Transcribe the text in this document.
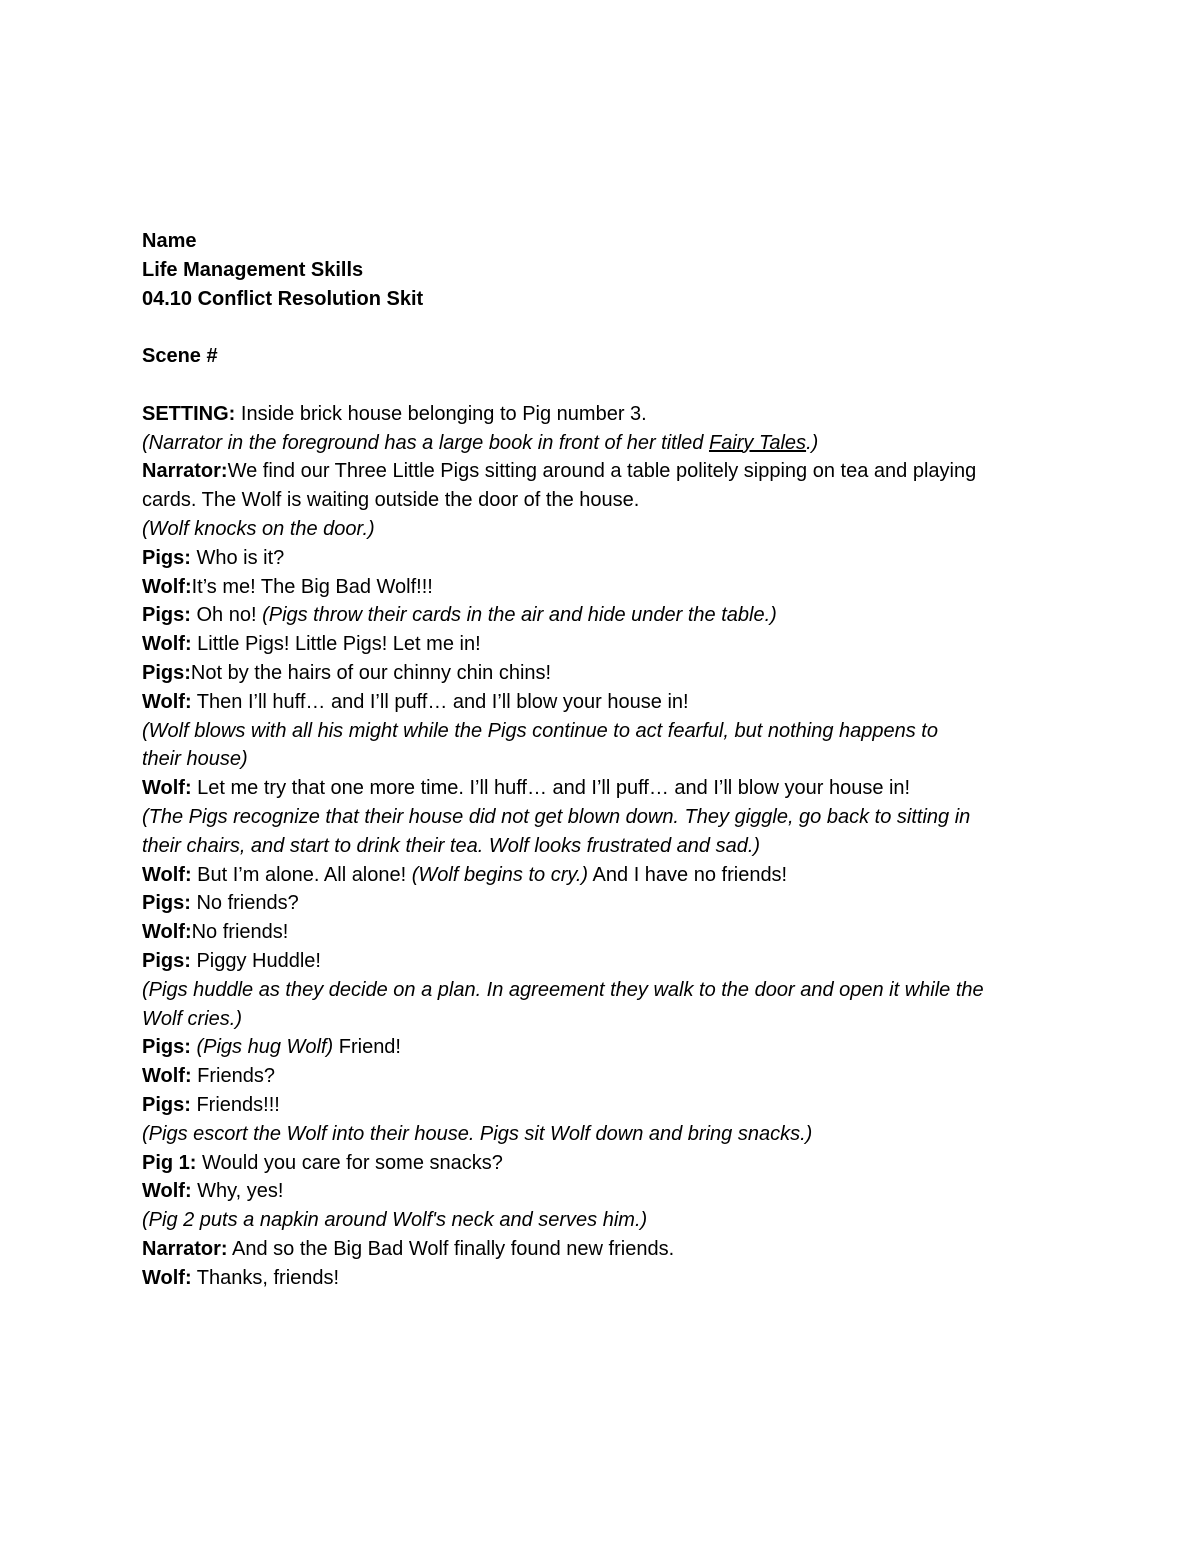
Name
Life Management Skills
04.10 Conflict Resolution Skit
Scene #
SETTING: Inside brick house belonging to Pig number 3.
(Narrator in the foreground has a large book in front of her titled Fairy Tales.)
Narrator:We find our Three Little Pigs sitting around a table politely sipping on tea and playing
cards. The Wolf is waiting outside the door of the house.
(Wolf knocks on the door.)
Pigs: Who is it?
Wolf:It’s me! The Big Bad Wolf!!!
Pigs: Oh no! (Pigs throw their cards in the air and hide under the table.)
Wolf: Little Pigs! Little Pigs! Let me in!
Pigs:Not by the hairs of our chinny chin chins!
Wolf: Then I’ll huff… and I’ll puff… and I’ll blow your house in!
(Wolf blows with all his might while the Pigs continue to act fearful, but nothing happens to
their house)
Wolf: Let me try that one more time. I’ll huff… and I’ll puff… and I’ll blow your house in!
(The Pigs recognize that their house did not get blown down. They giggle, go back to sitting in
their chairs, and start to drink their tea. Wolf looks frustrated and sad.)
Wolf: But I’m alone. All alone! (Wolf begins to cry.) And I have no friends!
Pigs: No friends?
Wolf:No friends!
Pigs: Piggy Huddle!
(Pigs huddle as they decide on a plan. In agreement they walk to the door and open it while the
Wolf cries.)
Pigs: (Pigs hug Wolf) Friend!
Wolf: Friends?
Pigs: Friends!!!
(Pigs escort the Wolf into their house. Pigs sit Wolf down and bring snacks.)
Pig 1: Would you care for some snacks?
Wolf: Why, yes!
(Pig 2 puts a napkin around Wolf's neck and serves him.)
Narrator: And so the Big Bad Wolf finally found new friends.
Wolf: Thanks, friends!
